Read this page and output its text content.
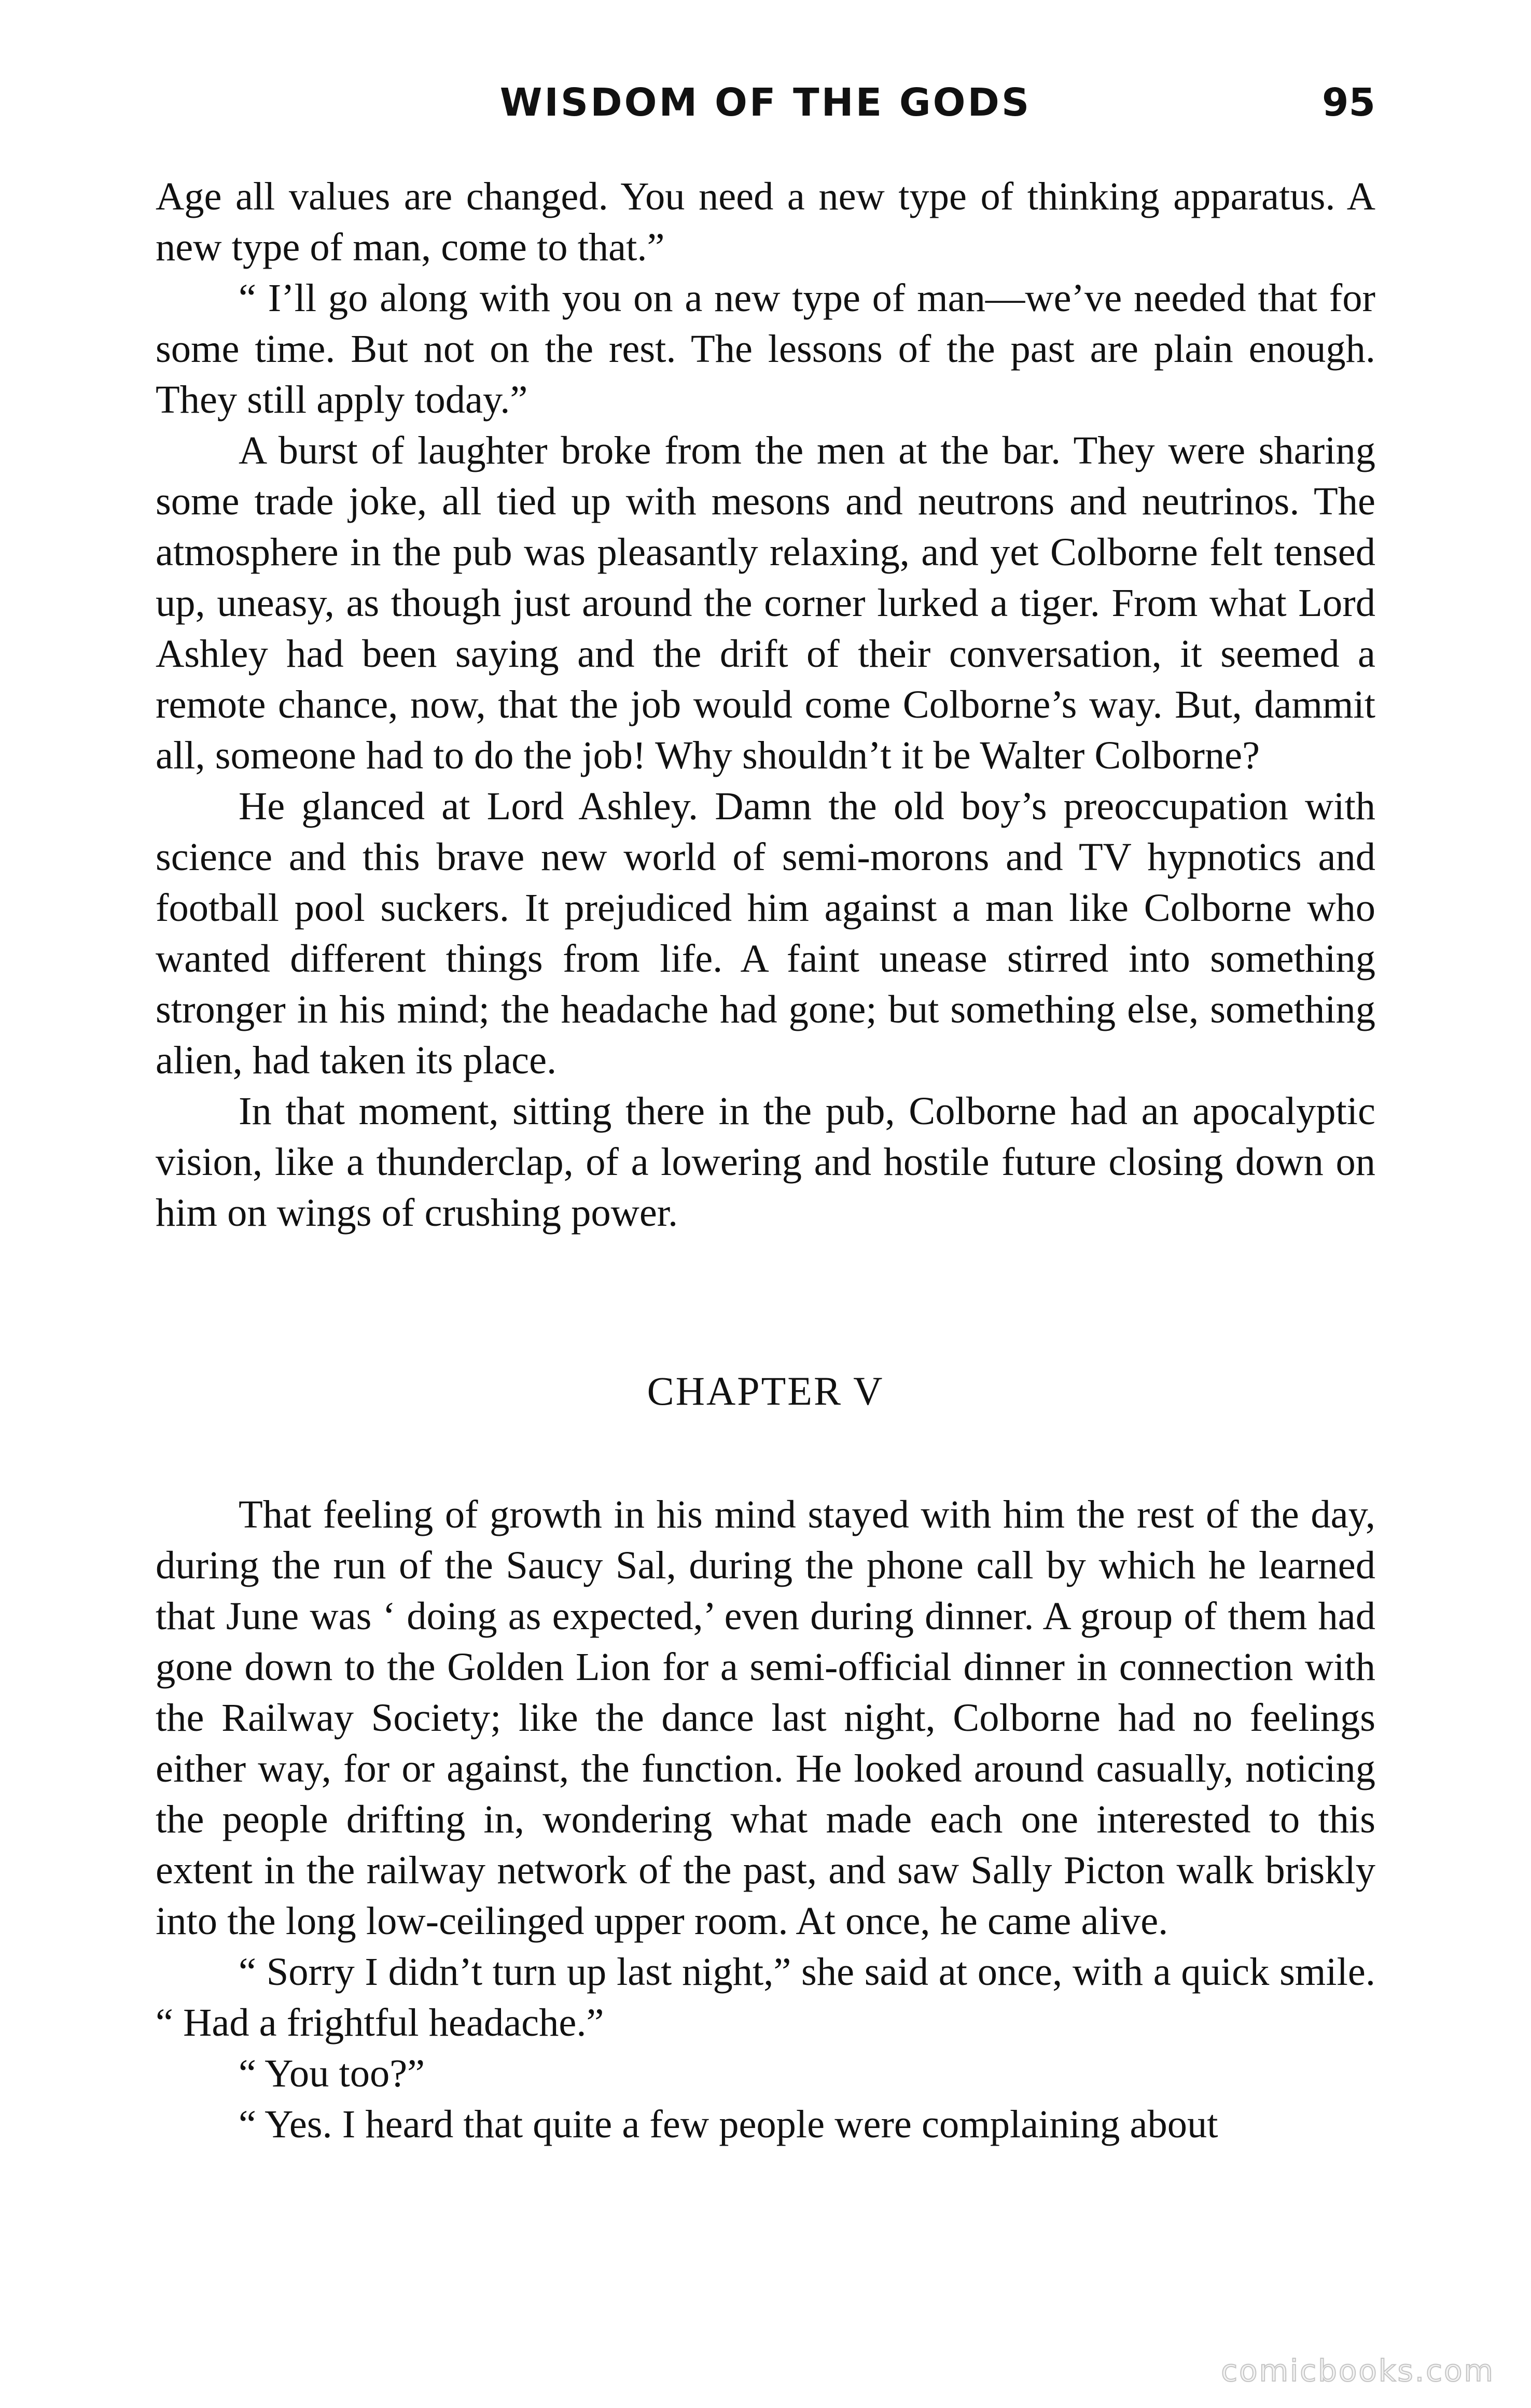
WISDOM OF THE GODS	95

Age all values are changed. You need a new type of thinking apparatus. A new type of man, come to that.”

“ I’ll go along with you on a new type of man—we’ve needed that for some time. But not on the rest. The lessons of the past are plain enough. They still apply today.”

A burst of laughter broke from the men at the bar. They were sharing some trade joke, all tied up with mesons and neutrons and neutrinos. The atmosphere in the pub was pleasantly relaxing, and yet Colborne felt tensed up, uneasy, as though just around the corner lurked a tiger. From what Lord Ashley had been saying and the drift of their conversation, it seemed a remote chance, now, that the job would come Colborne’s way. But, dammit all, someone had to do the job! Why shouldn’t it be Walter Colborne?

He glanced at Lord Ashley. Damn the old boy’s preoccupation with science and this brave new world of semi-morons and TV hypnotics and football pool suckers. It prejudiced him against a man like Colborne who wanted different things from life. A faint unease stirred into something stronger in his mind; the headache had gone; but something else, something alien, had taken its place.

In that moment, sitting there in the pub, Colborne had an apocalyptic vision, like a thunderclap, of a lowering and hostile future closing down on him on wings of crushing power.

CHAPTER V

That feeling of growth in his mind stayed with him the rest of the day, during the run of the Saucy Sal, during the phone call by which he learned that June was ‘ doing as expected,’ even during dinner. A group of them had gone down to the Golden Lion for a semi-official dinner in connection with the Railway Society; like the dance last night, Colborne had no feelings either way, for or against, the function. He looked around casually, noticing the people drifting in, wondering what made each one interested to this extent in the railway network of the past, and saw Sally Picton walk briskly into the long low-ceilinged upper room. At once, he came alive.

“ Sorry I didn’t turn up last night,” she said at once, with a quick smile. “ Had a frightful headache.”

“ You too?”

“ Yes. I heard that quite a few people were complaining about

comicbooks.com
